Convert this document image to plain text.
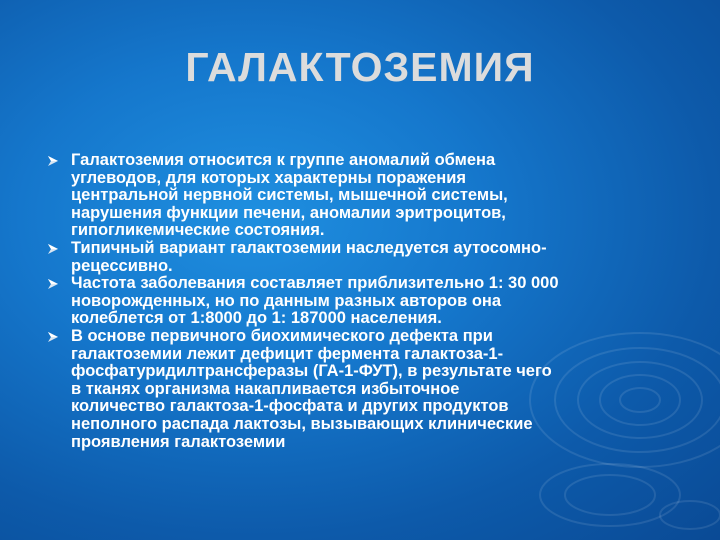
ГАЛАКТОЗЕМИЯ
Галактоземия относится к группе аномалий обмена
углеводов, для которых характерны поражения
центральной нервной системы, мышечной системы,
нарушения функции печени, аномалии эритроцитов,
гипогликемические состояния.
Типичный вариант галактоземии наследуется аутосомно-
рецессивно.
Частота заболевания составляет приблизительно 1: 30 000
новорожденных, но по данным разных авторов она
колеблется от 1:8000 до 1: 187000 населения.
В основе первичного биохимического дефекта при
галактоземии лежит дефицит фермента галактоза-1-
фосфатуридилтрансферазы (ГА-1-ФУТ), в результате чего
в тканях организма накапливается избыточное
количество галактоза-1-фосфата и других продуктов
неполного распада лактозы, вызывающих клинические
проявления галактоземии
